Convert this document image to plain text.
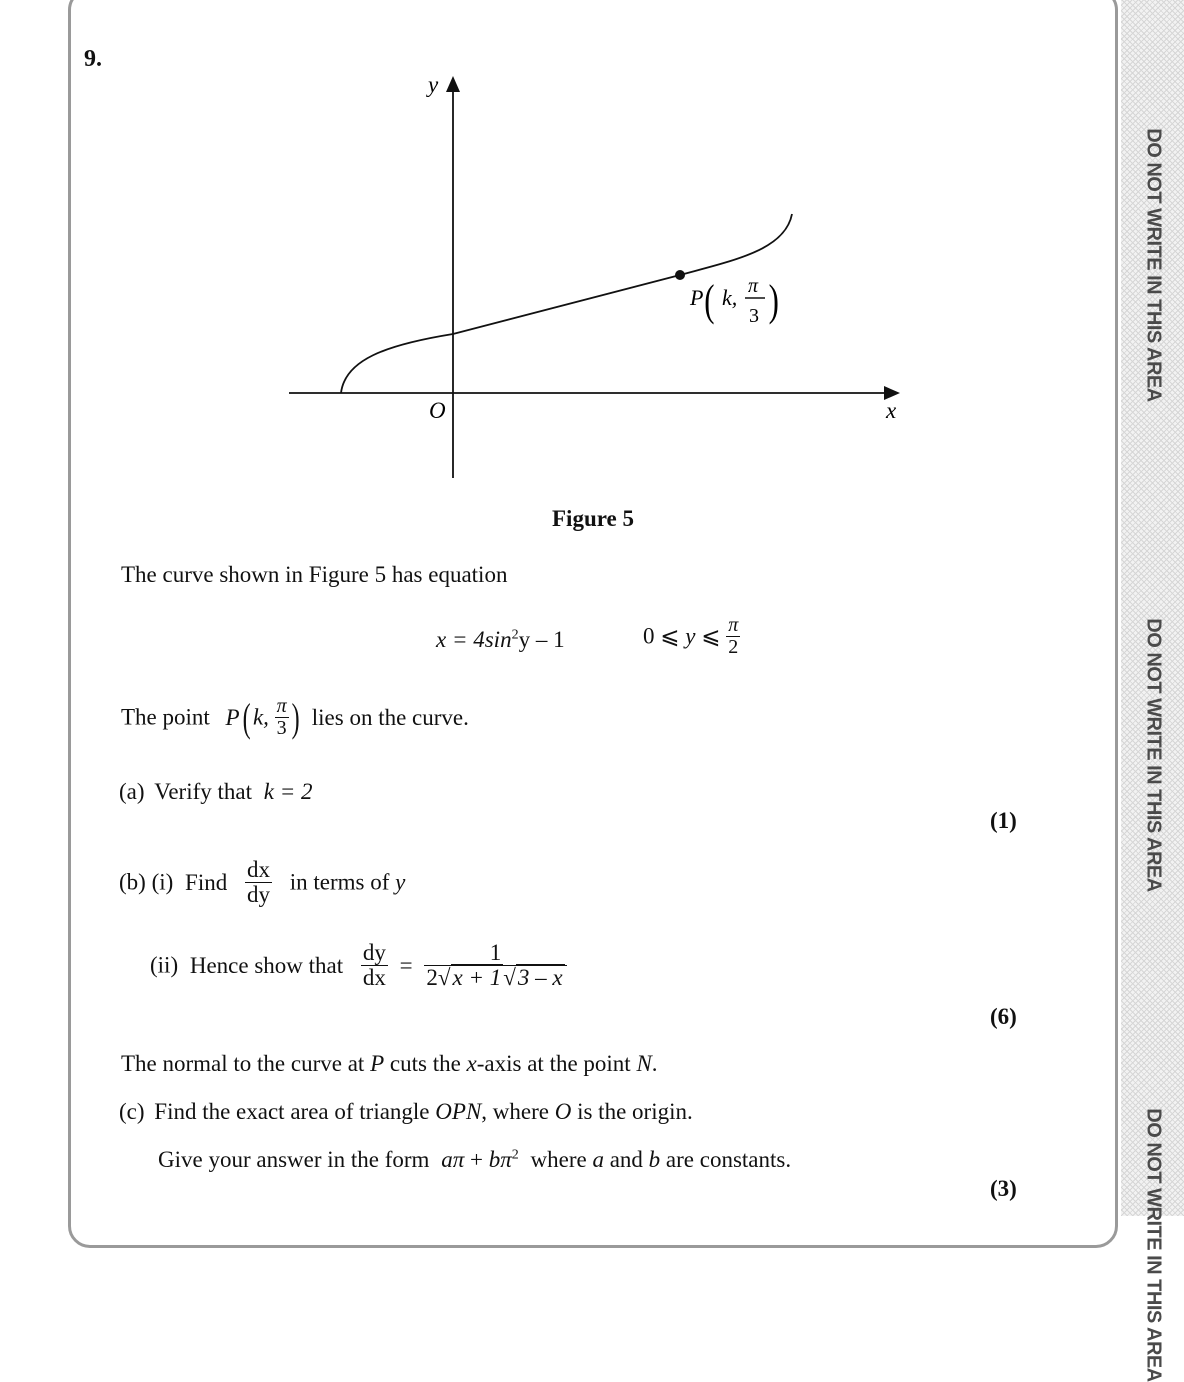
DO NOT WRITE IN THIS AREA
DO NOT WRITE IN THIS AREA
DO NOT WRITE IN THIS AREA
9.
y
x
O
P ( k, π
3 )
Figure 5
The curve shown in Figure 5 has equation
$x = 4\sin^2y - 1$	0 ⩽ y ⩽ $\frac{\pi}{2}$
The point P( k, $\frac{\pi}{3}$ ) lies on the curve.
(a) Verify that k = 2
(1)
(b) (i) Find $\frac{dx}{dy}$ in terms of y
(ii) Hence show that $\frac{dy}{dx} = \frac{1}{2√x + 1√3 - x}$
(6)
The normal to the curve at P cuts the x-axis at the point N.
(c) Find the exact area of triangle OPN, where O is the origin.
Give your answer in the form $a\pi + b\pi^2$ where a and b are constants.
(3)
